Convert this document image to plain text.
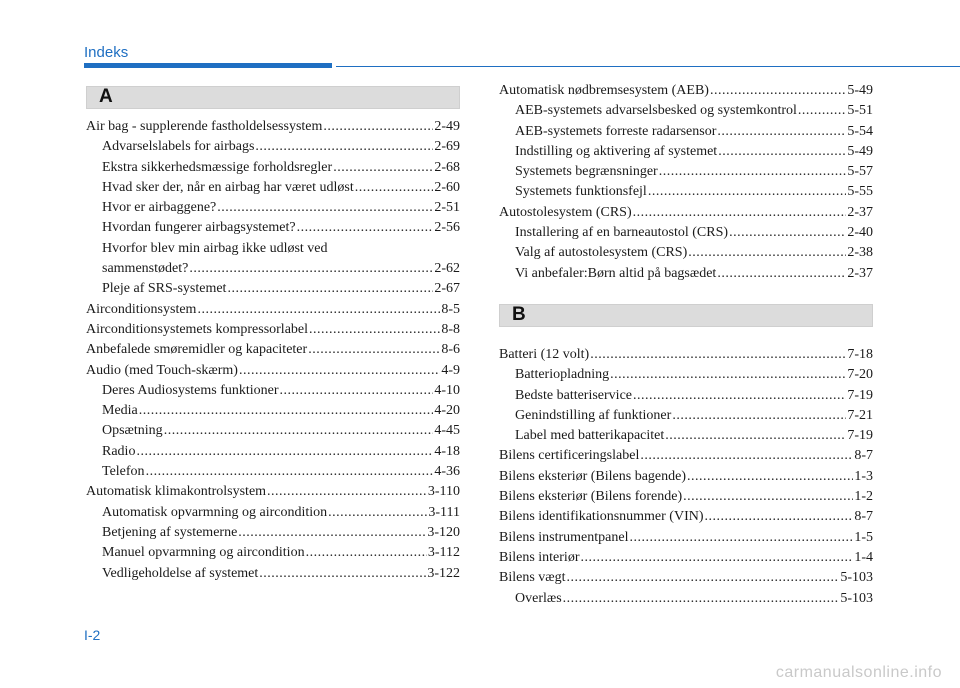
Indeks
A
Air bag - supplerende fastholdelsessystem .....	2-49
Advarselslabels for airbags .....	2-69
Ekstra sikkerhedsmæssige forholdsregler .....	2-68
Hvad sker der, når en airbag har været udløst .....	2-60
Hvor er airbaggene? .....	2-51
Hvordan fungerer airbagsystemet? .....	2-56
Hvorfor blev min airbag ikke udløst ved
sammenstødet? .....	2-62
Pleje af SRS-systemet .....	2-67
Airconditionsystem .....	8-5
Airconditionsystemets kompressorlabel .....	8-8
Anbefalede smøremidler og kapaciteter .....	8-6
Audio (med Touch-skærm) .....	4-9
Deres Audiosystems funktioner .....	4-10
Media .....	4-20
Opsætning .....	4-45
Radio .....	4-18
Telefon .....	4-36
Automatisk klimakontrolsystem .....	3-110
Automatisk opvarmning og aircondition .....	3-111
Betjening af systemerne .....	3-120
Manuel opvarmning og aircondition .....	3-112
Vedligeholdelse af systemet .....	3-122
Automatisk nødbremsesystem (AEB) .....	5-49
AEB-systemets advarselsbesked og systemkontrol .....	5-51
AEB-systemets forreste radarsensor .....	5-54
Indstilling og aktivering af systemet .....	5-49
Systemets begrænsninger .....	5-57
Systemets funktionsfejl .....	5-55
Autostolesystem (CRS) .....	2-37
Installering af en barneautostol (CRS) .....	2-40
Valg af autostolesystem (CRS) .....	2-38
Vi anbefaler:Børn altid på bagsædet .....	2-37
B
Batteri (12 volt) .....	7-18
Batteriopladning .....	7-20
Bedste batteriservice .....	7-19
Genindstilling af funktioner .....	7-21
Label med batterikapacitet .....	7-19
Bilens certificeringslabel .....	8-7
Bilens eksteriør (Bilens bagende) .....	1-3
Bilens eksteriør (Bilens forende) .....	1-2
Bilens identifikationsnummer (VIN) .....	8-7
Bilens instrumentpanel .....	1-5
Bilens interiør .....	1-4
Bilens vægt .....	5-103
Overlæs .....	5-103
I-2
carmanualsonline.info
